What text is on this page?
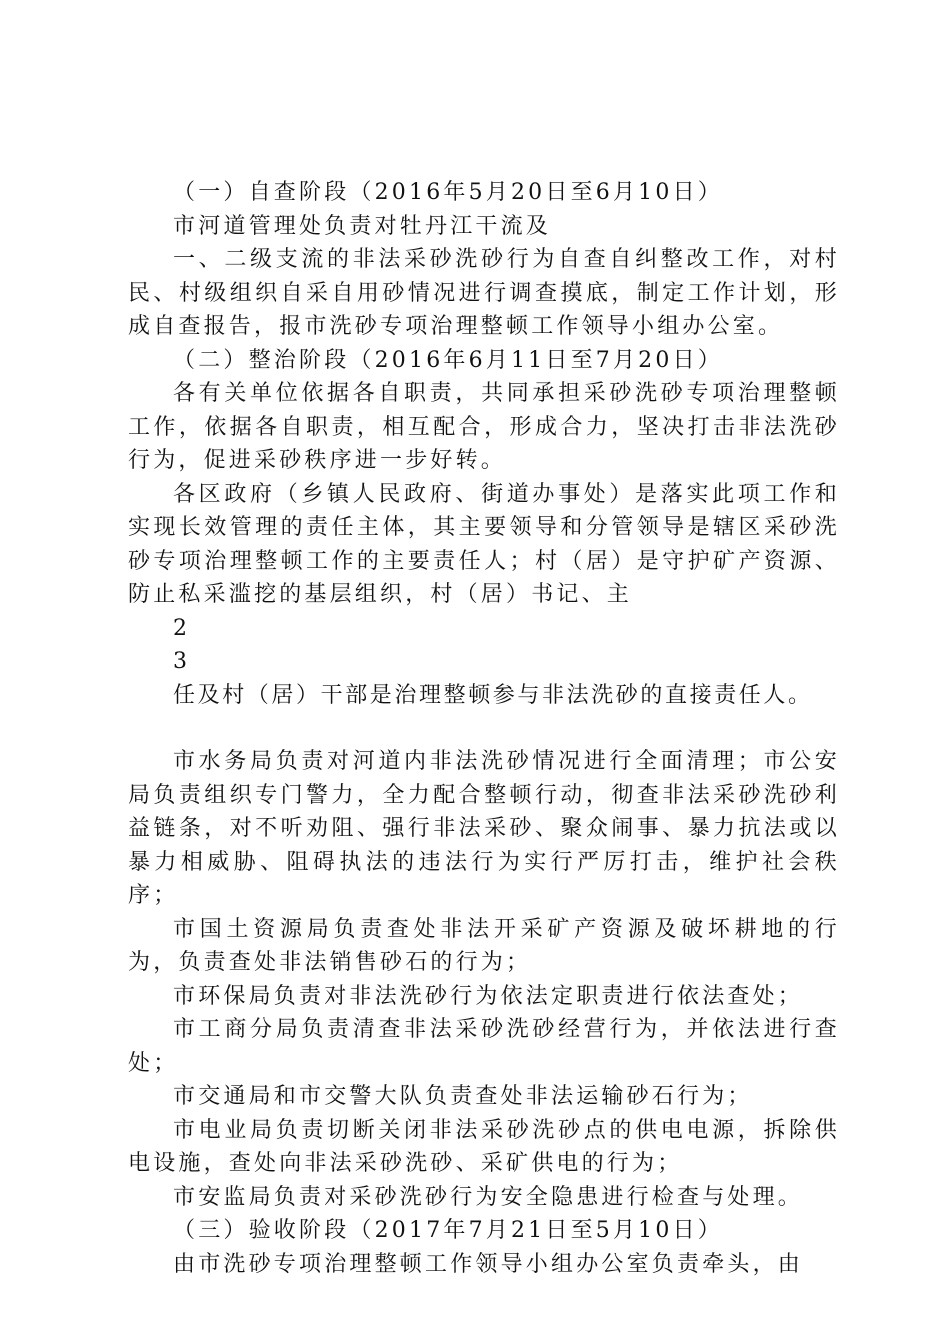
（一）自查阶段（2016年5月20日至6月10日）

市河道管理处负责对牡丹江干流及

一、二级支流的非法采砂洗砂行为自查自纠整改工作，对村民、村级组织自采自用砂情况进行调查摸底，制定工作计划，形成自查报告，报市洗砂专项治理整顿工作领导小组办公室。

（二）整治阶段（2016年6月11日至7月20日）

各有关单位依据各自职责，共同承担采砂洗砂专项治理整顿工作，依据各自职责，相互配合，形成合力，坚决打击非法洗砂行为，促进采砂秩序进一步好转。

各区政府（乡镇人民政府、街道办事处）是落实此项工作和实现长效管理的责任主体，其主要领导和分管领导是辖区采砂洗砂专项治理整顿工作的主要责任人；村（居）是守护矿产资源、防止私采滥挖的基层组织，村（居）书记、主

2

3

任及村（居）干部是治理整顿参与非法洗砂的直接责任人。

市水务局负责对河道内非法洗砂情况进行全面清理；市公安局负责组织专门警力，全力配合整顿行动，彻查非法采砂洗砂利益链条，对不听劝阻、强行非法采砂、聚众闹事、暴力抗法或以暴力相威胁、阻碍执法的违法行为实行严厉打击，维护社会秩序；

市国土资源局负责查处非法开采矿产资源及破坏耕地的行为，负责查处非法销售砂石的行为；

市环保局负责对非法洗砂行为依法定职责进行依法查处；

市工商分局负责清查非法采砂洗砂经营行为，并依法进行查处；

市交通局和市交警大队负责查处非法运输砂石行为；

市电业局负责切断关闭非法采砂洗砂点的供电电源，拆除供电设施，查处向非法采砂洗砂、采矿供电的行为；

市安监局负责对采砂洗砂行为安全隐患进行检查与处理。

（三）验收阶段（2017年7月21日至5月10日）

由市洗砂专项治理整顿工作领导小组办公室负责牵头，由
